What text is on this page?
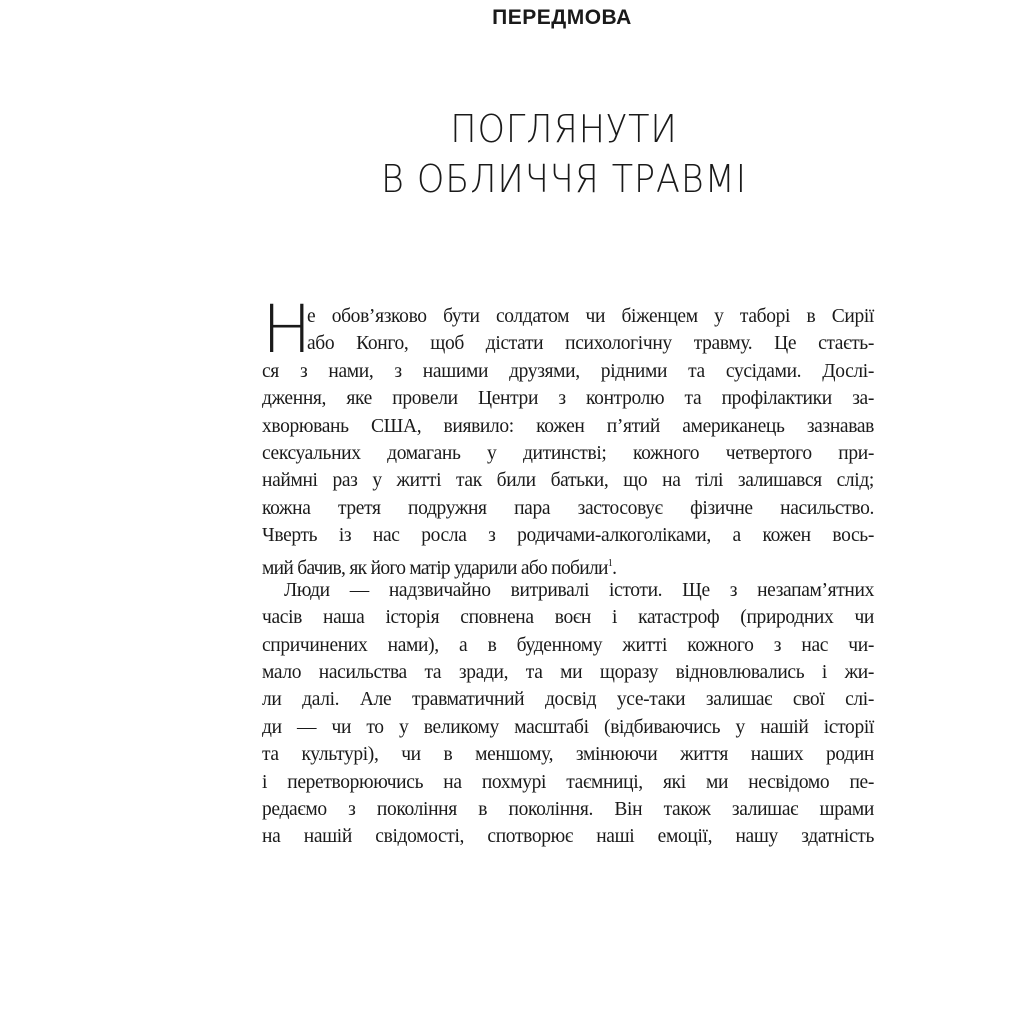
ПЕРЕДМОВА
ПОГЛЯНУТИ
В ОБЛИЧЧЯ ТРАВМІ
Н
е обов’язково бути солдатом чи біженцем у таборі в Сирії
або Конго, щоб дістати психологічну травму. Це стаєть-
ся з нами, з нашими друзями, рідними та сусідами. Дослі-
дження, яке провели Центри з контролю та профілактики за-
хворювань США, виявило: кожен п’ятий американець зазнавав
сексуальних домагань у дитинстві; кожного четвертого при-
наймні раз у житті так били батьки, що на тілі залишався слід;
кожна третя подружня пара застосовує фізичне насильство.
Чверть із нас росла з родичами-алкоголіками, а кожен вось-
мий бачив, як його матір ударили або побили$^1$.
Люди — надзвичайно витривалі істоти. Ще з незапам’ятних
часів наша історія сповнена воєн і катастроф (природних чи
спричинених нами), а в буденному житті кожного з нас чи-
мало насильства та зради, та ми щоразу відновлювались і жи-
ли далі. Але травматичний досвід усе-таки залишає свої слі-
ди — чи то у великому масштабі (відбиваючись у нашій історії
та культурі), чи в меншому, змінюючи життя наших родин
і перетворюючись на похмурі таємниці, які ми несвідомо пе-
редаємо з покоління в покоління. Він також залишає шрами
на нашій свідомості, спотворює наші емоції, нашу здатність
